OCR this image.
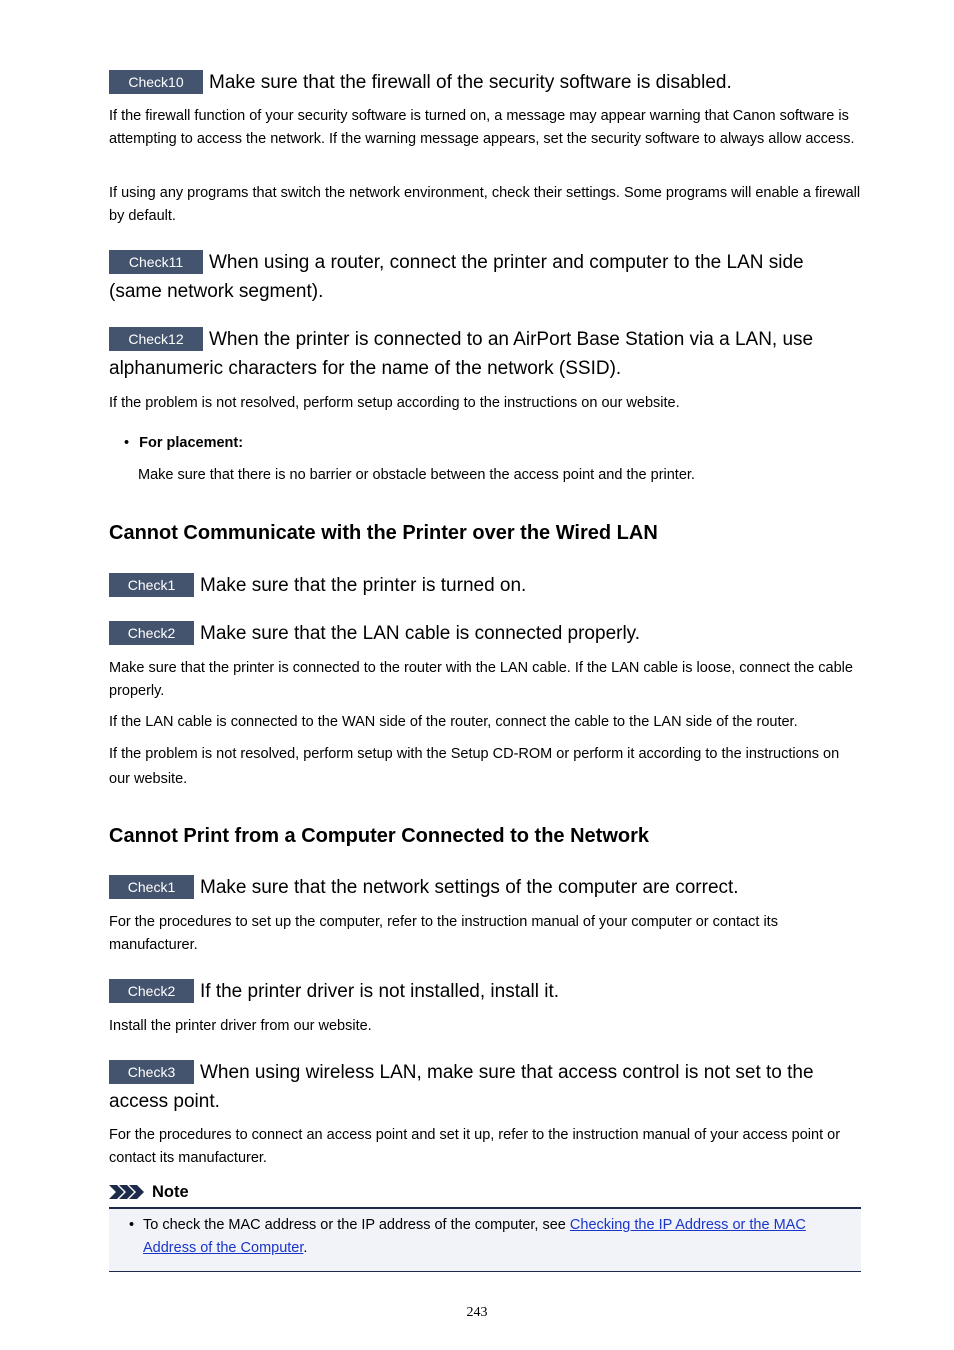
Check10 Make sure that the firewall of the security software is disabled.

If the firewall function of your security software is turned on, a message may appear warning that Canon software is attempting to access the network. If the warning message appears, set the security software to always allow access.

If using any programs that switch the network environment, check their settings. Some programs will enable a firewall by default.

Check11 When using a router, connect the printer and computer to the LAN side (same network segment).
Check12 When the printer is connected to an AirPort Base Station via a LAN, use alphanumeric characters for the name of the network (SSID).

If the problem is not resolved, perform setup according to the instructions on our website.

• For placement:

Make sure that there is no barrier or obstacle between the access point and the printer.

Cannot Communicate with the Printer over the Wired LAN
Check1 Make sure that the printer is turned on.
Check2 Make sure that the LAN cable is connected properly.

Make sure that the printer is connected to the router with the LAN cable. If the LAN cable is loose, connect the cable properly.

If the LAN cable is connected to the WAN side of the router, connect the cable to the LAN side of the router.

If the problem is not resolved, perform setup with the Setup CD-ROM or perform it according to the instructions on our website.

Cannot Print from a Computer Connected to the Network
Check1 Make sure that the network settings of the computer are correct.

For the procedures to set up the computer, refer to the instruction manual of your computer or contact its manufacturer.

Check2 If the printer driver is not installed, install it.

Install the printer driver from our website.

Check3 When using wireless LAN, make sure that access control is not set to the access point.

For the procedures to connect an access point and set it up, refer to the instruction manual of your access point or contact its manufacturer.

Note
• To check the MAC address or the IP address of the computer, see Checking the IP Address or the MAC Address of the Computer.

243
